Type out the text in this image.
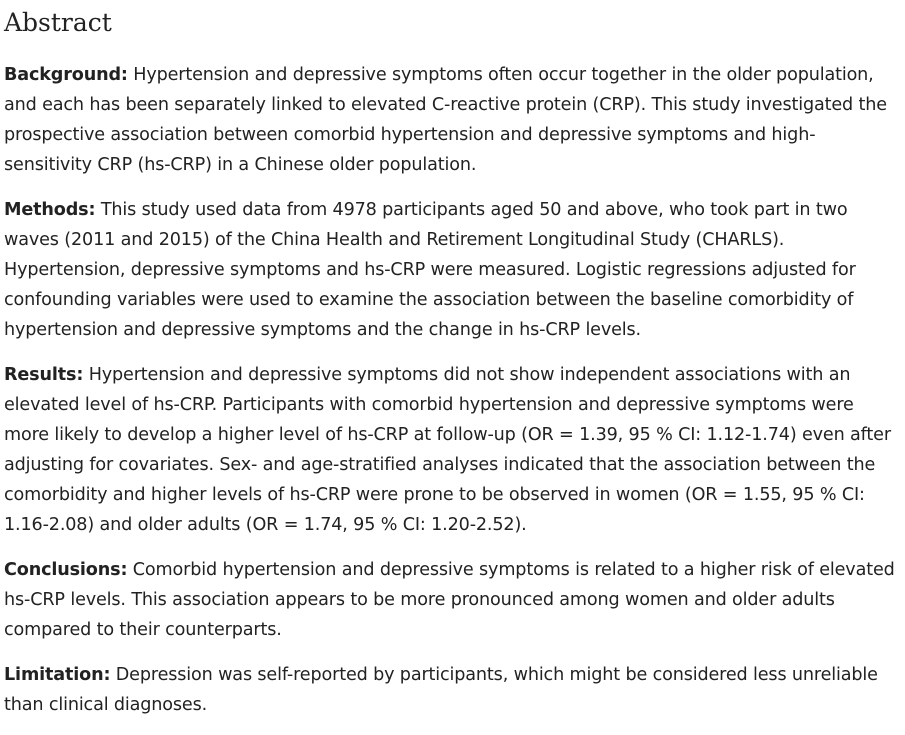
Abstract

Background: Hypertension and depressive symptoms often occur together in the older population, and each has been separately linked to elevated C-reactive protein (CRP). This study investigated the prospective association between comorbid hypertension and depressive symptoms and high-sensitivity CRP (hs-CRP) in a Chinese older population.

Methods: This study used data from 4978 participants aged 50 and above, who took part in two waves (2011 and 2015) of the China Health and Retirement Longitudinal Study (CHARLS). Hypertension, depressive symptoms and hs-CRP were measured. Logistic regressions adjusted for confounding variables were used to examine the association between the baseline comorbidity of hypertension and depressive symptoms and the change in hs-CRP levels.

Results: Hypertension and depressive symptoms did not show independent associations with an elevated level of hs-CRP. Participants with comorbid hypertension and depressive symptoms were more likely to develop a higher level of hs-CRP at follow-up (OR = 1.39, 95 % CI: 1.12-1.74) even after adjusting for covariates. Sex- and age-stratified analyses indicated that the association between the comorbidity and higher levels of hs-CRP were prone to be observed in women (OR = 1.55, 95 % CI: 1.16-2.08) and older adults (OR = 1.74, 95 % CI: 1.20-2.52).

Conclusions: Comorbid hypertension and depressive symptoms is related to a higher risk of elevated hs-CRP levels. This association appears to be more pronounced among women and older adults compared to their counterparts.

Limitation: Depression was self-reported by participants, which might be considered less unreliable than clinical diagnoses.
